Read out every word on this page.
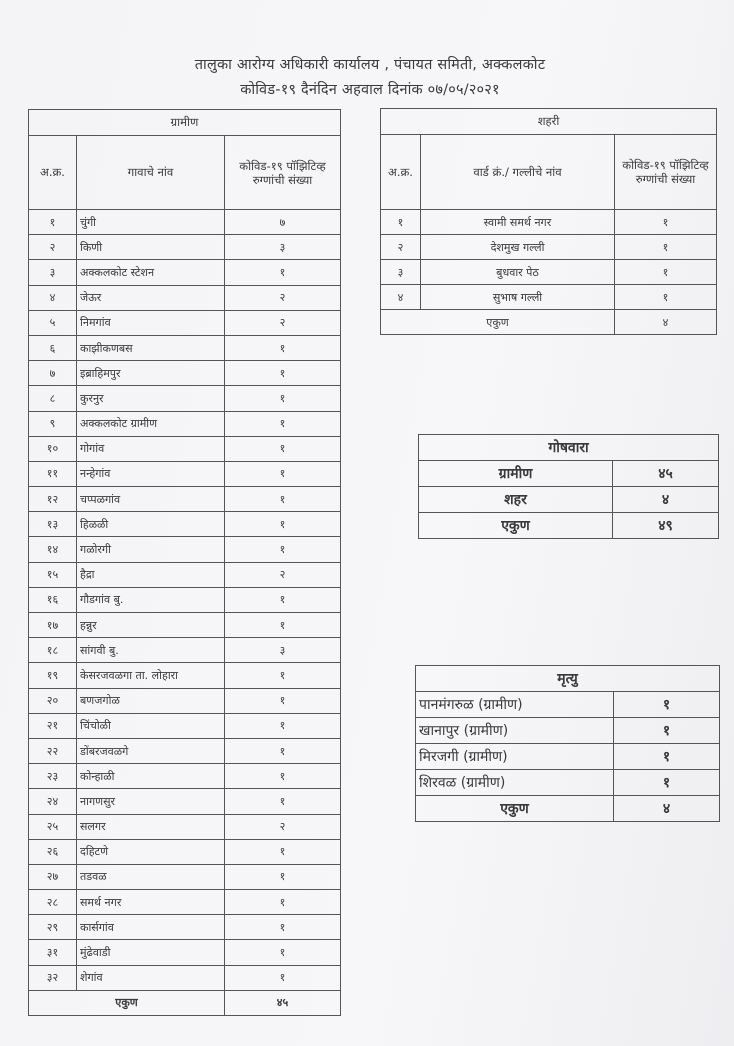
तालुका आरोग्य अधिकारी कार्यालय , पंचायत समिती, अक्कलकोट
कोविड-१९ दैनंदिन अहवाल दिनांक ०७/०५/२०२१
ग्रामीण		
अ.क्र.	गावाचे नांव	कोविड-१९ पॉझिटिव्ह रुग्णांची संख्या
१	चुंगी	७
२	किणी	३
३	अक्कलकोट स्टेशन	१
४	जेऊर	२
५	निमगांव	२
६	काझीकणबस	१
७	इब्राहिमपुर	१
८	कुरनुर	१
९	अक्कलकोट ग्रामीण	१
१०	गोगांव	१
११	नन्हेगांव	१
१२	चप्पळगांव	१
१३	हिळळी	१
१४	गळोरगी	१
१५	हैद्रा	२
१६	गौडगांव बु.	१
१७	हन्नुर	१
१८	सांगवी बु.	३
१९	केसरजवळगा ता. लोहारा	१
२०	बणजगोळ	१
२१	चिंचोळी	१
२२	डोंबरजवळगे	१
२३	कोन्हाळी	१
२४	नागणसुर	१
२५	सलगर	२
२६	दहिटणे	१
२७	तडवळ	१
२८	समर्थ नगर	१
२९	कार्सगांव	१
३१	मुंढेवाडी	१
३२	शेगांव	१
एकुण		४५
शहरी		
अ.क्र.	वार्ड क्रं./ गल्लीचे नांव	कोविड-१९ पॉझिटिव्ह रुग्णांची संख्या
१	स्वामी समर्थ नगर	१
२	देशमुख गल्ली	१
३	बुधवार पेठ	१
४	सुभाष गल्ली	१
एकुण		४
गोषवारा	
ग्रामीण	४५
शहर	४
एकुण	४९
मृत्यु	
पानमंगरुळ (ग्रामीण)	१
खानापुर (ग्रामीण)	१
मिरजगी (ग्रामीण)	१
शिरवळ (ग्रामीण)	१
एकुण	४
